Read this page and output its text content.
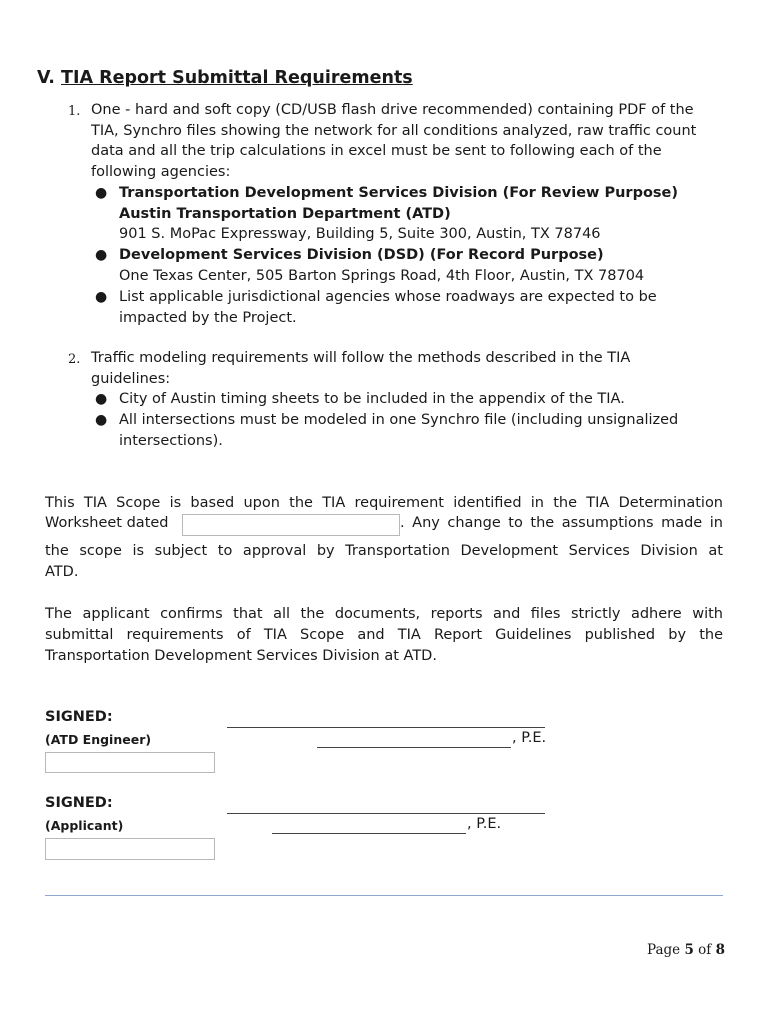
V. TIA Report Submittal Requirements
1. One - hard and soft copy (CD/USB flash drive recommended) containing PDF of the
TIA, Synchro files showing the network for all conditions analyzed, raw traffic count
data and all the trip calculations in excel must be sent to following each of the
following agencies:
● Transportation Development Services Division (For Review Purpose)
Austin Transportation Department (ATD)
901 S. MoPac Expressway, Building 5, Suite 300, Austin, TX 78746
● Development Services Division (DSD) (For Record Purpose)
One Texas Center, 505 Barton Springs Road, 4th Floor, Austin, TX 78704
● List applicable jurisdictional agencies whose roadways are expected to be
impacted by the Project.
2. Traffic modeling requirements will follow the methods described in the TIA
guidelines:
● City of Austin timing sheets to be included in the appendix of the TIA.
● All intersections must be modeled in one Synchro file (including unsignalized
intersections).
This TIA Scope is based upon the TIA requirement identified in the TIA Determination
Worksheet dated	. Any change to the assumptions made in
the scope is subject to approval by Transportation Development Services Division at
ATD.
The applicant confirms that all the documents, reports and files strictly adhere with submittal requirements of TIA Scope and TIA Report Guidelines published by the Transportation Development Services Division at ATD.
SIGNED:
(ATD Engineer)	, P.E.
SIGNED:
(Applicant)	, P.E.
Page 5 of 8
